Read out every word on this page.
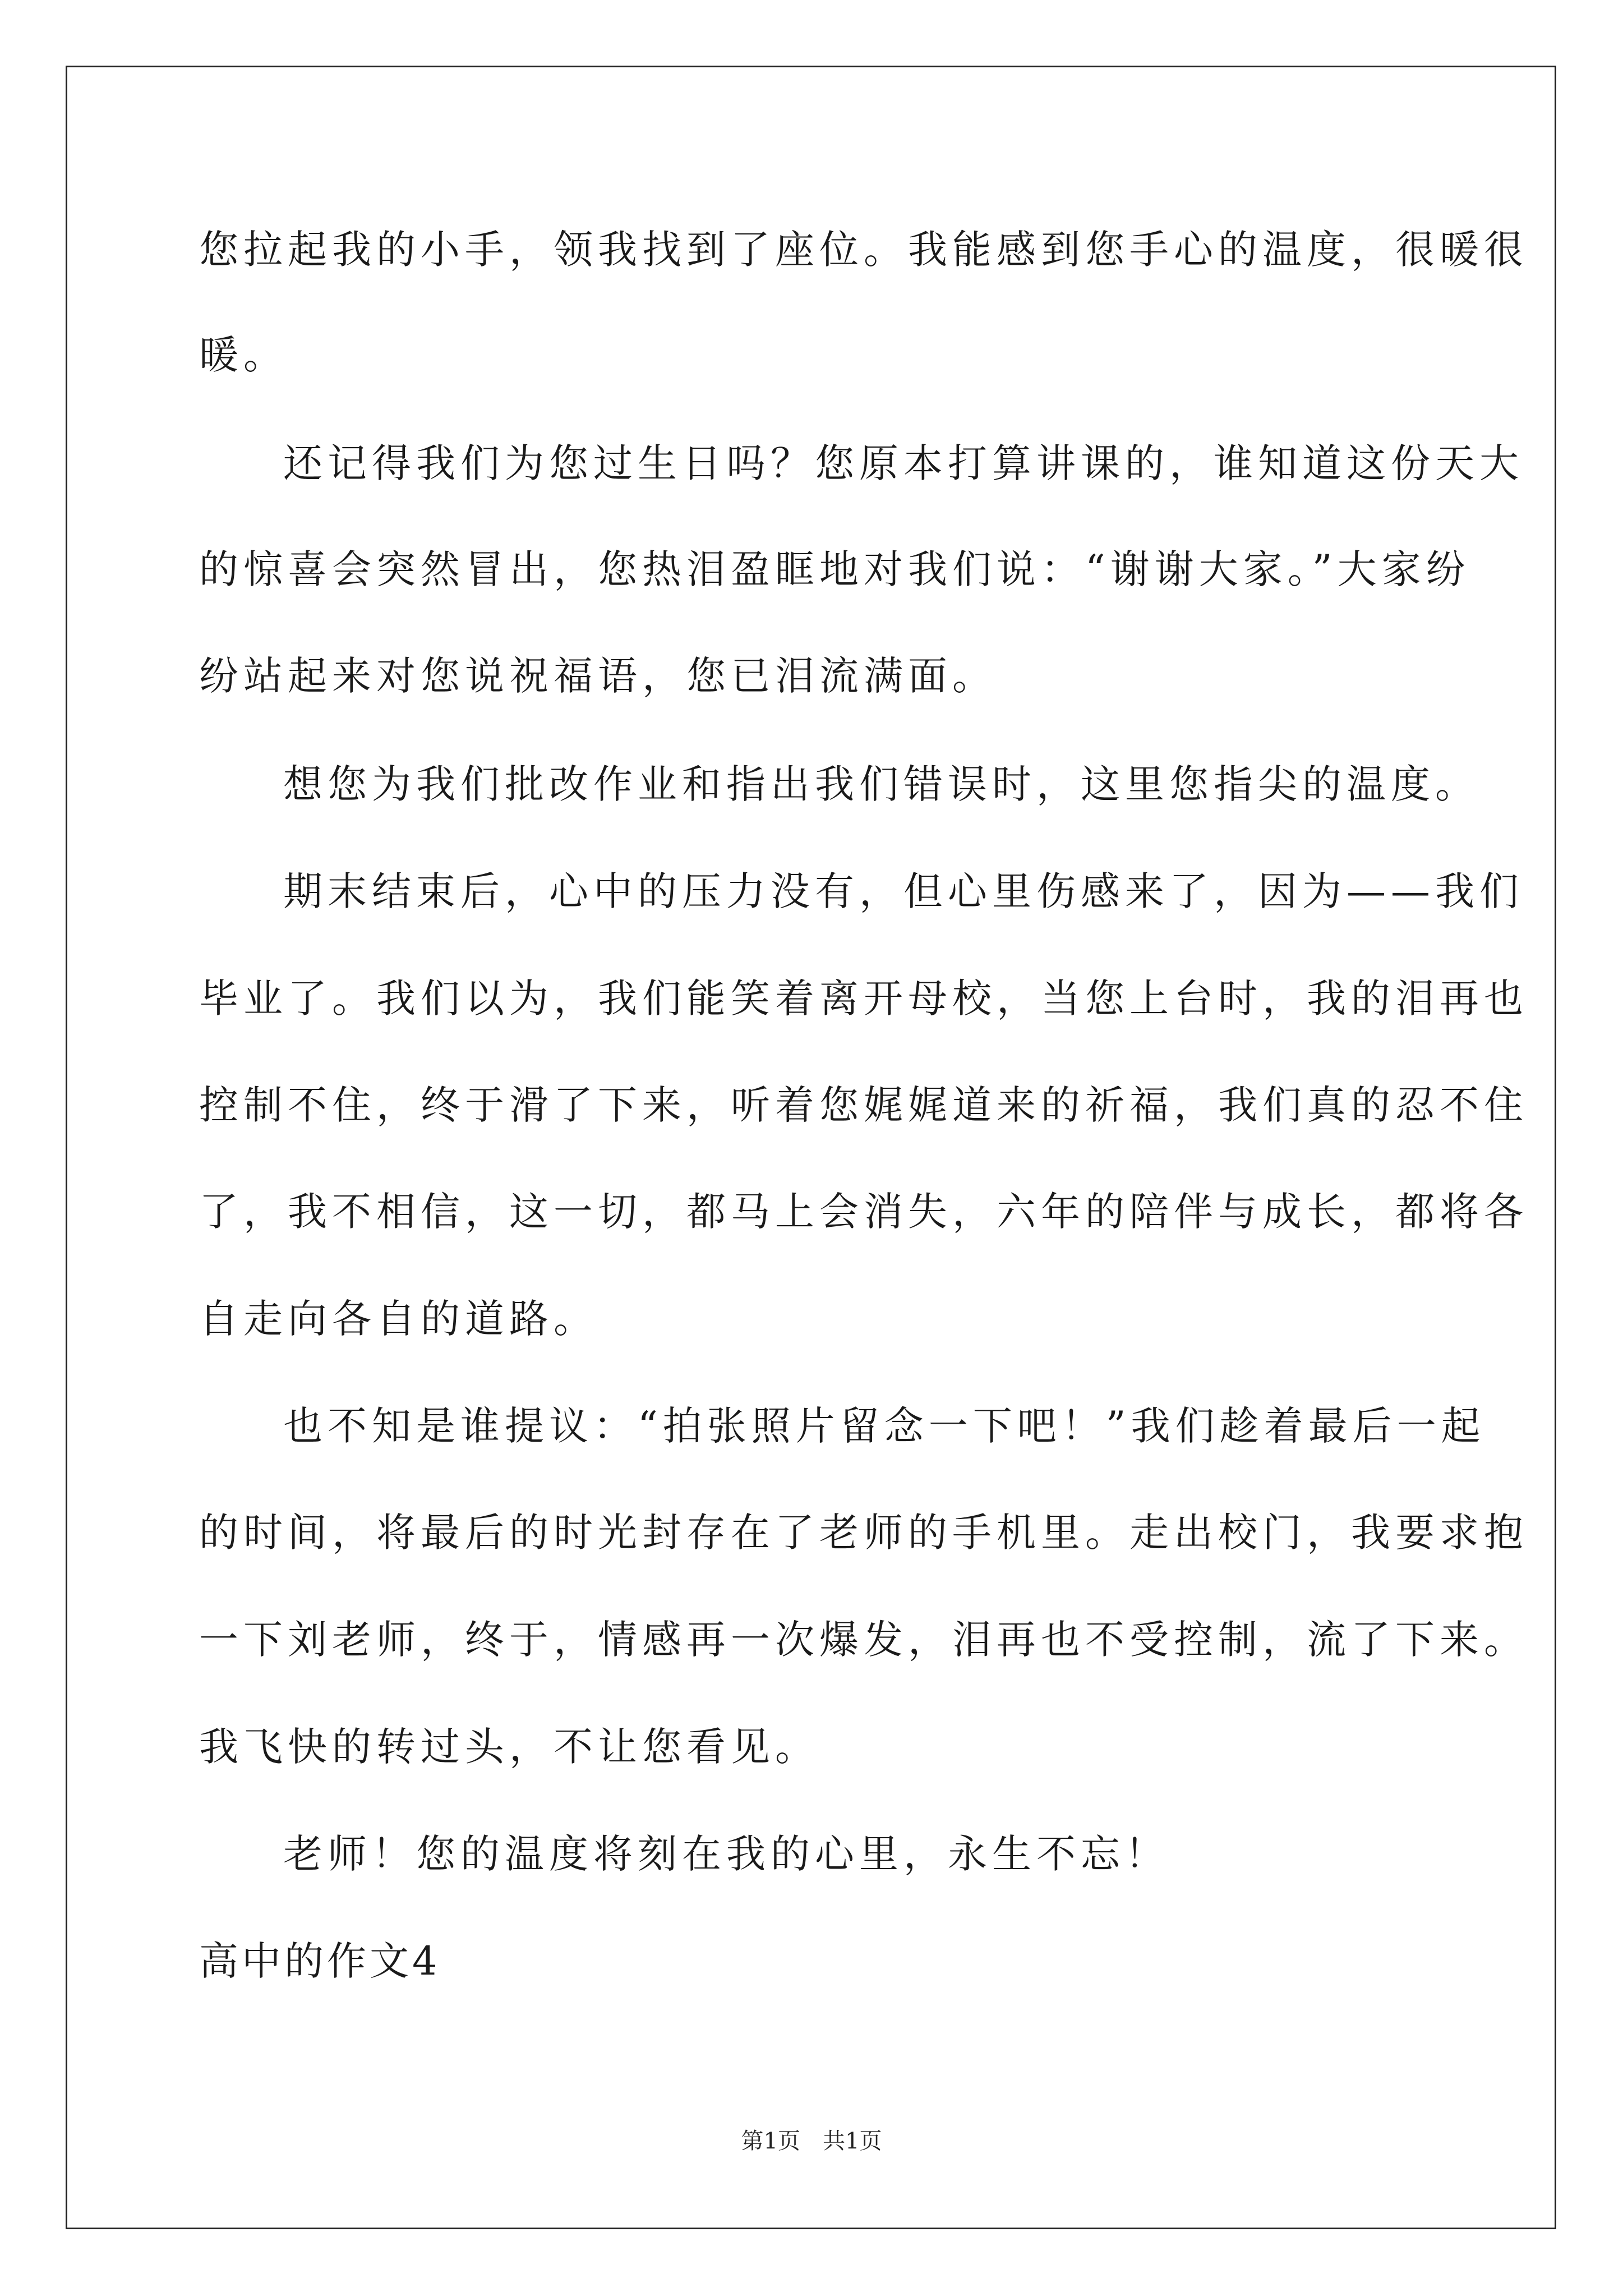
您拉起我的小手，领我找到了座位。我能感到您手心的温度，很暖很
暖。
还记得我们为您过生日吗？您原本打算讲课的，谁知道这份天大
的惊喜会突然冒出，您热泪盈眶地对我们说：“谢谢大家。”大家纷
纷站起来对您说祝福语，您已泪流满面。
想您为我们批改作业和指出我们错误时，这里您指尖的温度。
期末结束后，心中的压力没有，但心里伤感来了，因为——我们
毕业了。我们以为，我们能笑着离开母校，当您上台时，我的泪再也
控制不住，终于滑了下来，听着您娓娓道来的祈福，我们真的忍不住
了，我不相信，这一切，都马上会消失，六年的陪伴与成长，都将各
自走向各自的道路。
也不知是谁提议：“拍张照片留念一下吧！”我们趁着最后一起
的时间，将最后的时光封存在了老师的手机里。走出校门，我要求抱
一下刘老师，终于，情感再一次爆发，泪再也不受控制，流了下来。
我飞快的转过头，不让您看见。
老师！您的温度将刻在我的心里，永生不忘！
高中的作文4
第1页　共1页
